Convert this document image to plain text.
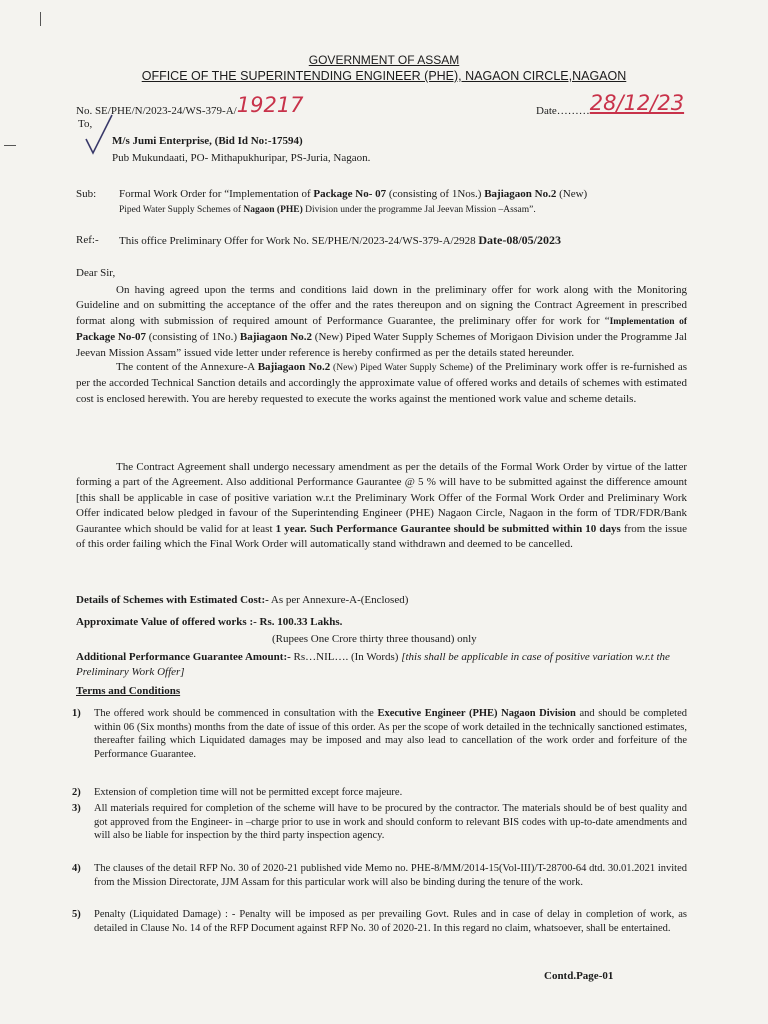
GOVERNMENT OF ASSAM
OFFICE OF THE SUPERINTENDING ENGINEER (PHE), NAGAON CIRCLE,NAGAON
No. SE/PHE/N/2023-24/WS-379-A/19217	Date………28/12/23
To,
M/s Jumi Enterprise, (Bid Id No:-17594)
Pub Mukundaati, PO- Mithapukhuripar, PS-Juria, Nagaon.
Sub: Formal Work Order for “Implementation of Package No- 07 (consisting of 1Nos.) Bajiagaon No.2 (New)
Piped Water Supply Schemes of Nagaon (PHE) Division under the programme Jal Jeevan Mission –Assam”.
Ref:- This office Preliminary Offer for Work No. SE/PHE/N/2023-24/WS-379-A/2928 Date-08/05/2023
Dear Sir,
On having agreed upon the terms and conditions laid down in the preliminary offer for work along with the Monitoring Guideline and on submitting the acceptance of the offer and the rates thereupon and on signing the Contract Agreement in prescribed format along with submission of required amount of Performance Guarantee, the preliminary offer for work for “Implementation of Package No-07 (consisting of 1No.) Bajiagaon No.2 (New) Piped Water Supply Schemes of Morigaon Division under the Programme Jal Jeevan Mission Assam” issued vide letter under reference is hereby confirmed as per the details stated hereunder.
The content of the Annexure-A Bajiagaon No.2 (New) Piped Water Supply Scheme) of the Preliminary work offer is re-furnished as per the accorded Technical Sanction details and accordingly the approximate value of offered works and details of schemes with estimated cost is enclosed herewith. You are hereby requested to execute the works against the mentioned work value and scheme details.
The Contract Agreement shall undergo necessary amendment as per the details of the Formal Work Order by virtue of the latter forming a part of the Agreement. Also additional Performance Gaurantee @ 5 % will have to be submitted against the difference amount [this shall be applicable in case of positive variation w.r.t the Preliminary Work Offer of the Formal Work Order and Preliminary Work Offer indicated below pledged in favour of the Superintending Engineer (PHE) Nagaon Circle, Nagaon in the form of TDR/FDR/Bank Gaurantee which should be valid for at least 1 year. Such Performance Gaurantee should be submitted within 10 days from the issue of this order failing which the Final Work Order will automatically stand withdrawn and deemed to be cancelled.
Details of Schemes with Estimated Cost:- As per Annexure-A-(Enclosed)
Approximate Value of offered works :- Rs. 100.33 Lakhs.
(Rupees One Crore thirty three thousand) only
Additional Performance Guarantee Amount:- Rs…NIL…. (In Words) [this shall be applicable in case of positive variation w.r.t the Preliminary Work Offer]
Terms and Conditions
1) The offered work should be commenced in consultation with the Executive Engineer (PHE) Nagaon Division and should be completed within 06 (Six months) months from the date of issue of this order. As per the scope of work detailed in the technically sanctioned estimates, thereafter failing which Liquidated damages may be imposed and may also lead to cancellation of the work order and forfeiture of the Performance Guarantee.
2) Extension of completion time will not be permitted except force majeure.
3) All materials required for completion of the scheme will have to be procured by the contractor. The materials should be of best quality and got approved from the Engineer- in –charge prior to use in work and should conform to relevant BIS codes with up-to-date amendments and will also be liable for inspection by the third party inspection agency.
4) The clauses of the detail RFP No. 30 of 2020-21 published vide Memo no. PHE-8/MM/2014-15(Vol-III)/T-28700-64 dtd. 30.01.2021 invited from the Mission Directorate, JJM Assam for this particular work will also be binding during the tenure of the work.
5) Penalty (Liquidated Damage) : - Penalty will be imposed as per prevailing Govt. Rules and in case of delay in completion of work, as detailed in Clause No. 14 of the RFP Document against RFP No. 30 of 2020-21. In this regard no claim, whatsoever, shall be entertained.
Contd.Page-01
